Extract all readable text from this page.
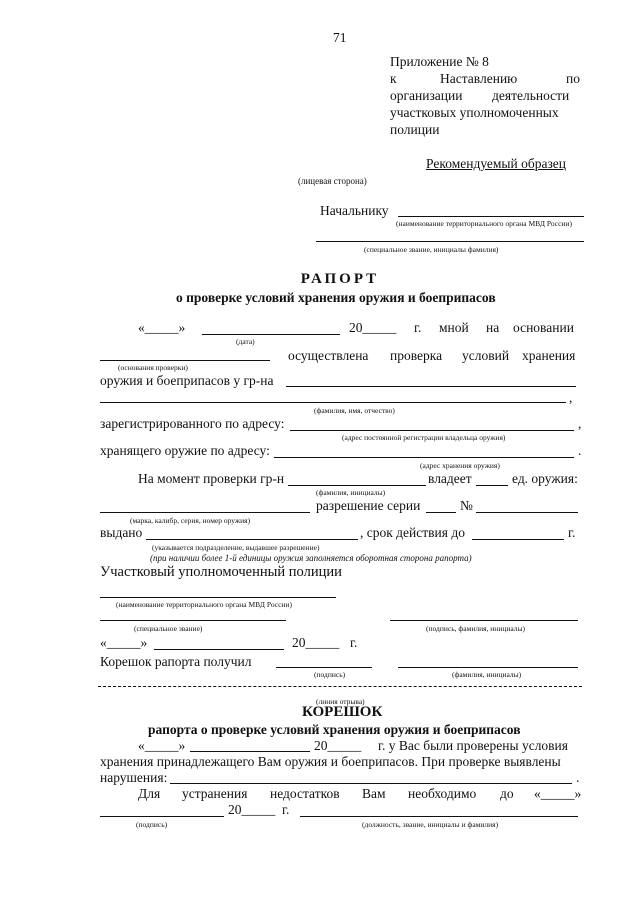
71
Приложение № 8
к	Наставлению	по
организации деятельности
участковых уполномоченных
полиции
Рекомендуемый образец
(лицевая сторона)
Начальнику
(наименование территориального органа МВД России)
(специальное звание, инициалы фамилия)
РАПОРТ
о проверке условий хранения оружия и боеприпасов
«_____»	20_____ г. мной на основании
(дата)
осуществлена проверка условий хранения
(основания проверки)
оружия и боеприпасов у гр-на
,
(фамилия, имя, отчество)
зарегистрированного по адресу:	,
(адрес постоянной регистрации владельца оружия)
хранящего оружие по адресу:	.
(адрес хранения оружия)
На момент проверки гр-н	владеет	ед. оружия:
(фамилия, инициалы)
разрешение серии	№
(марка, калибр, серия, номер оружия)
выдано	, срок действия до	г.
(указывается подразделение, выдавшее разрешение)
(при наличии более 1-й единицы оружия заполняется оборотная сторона рапорта)
Участковый уполномоченный полиции
(наименование территориального органа МВД России)
(специальное звание)	(подпись, фамилия, инициалы)
«_____»	20_____ г.
Корешок рапорта получил
(подпись)	(фамилия, инициалы)
(линия отрыва)
КОРЕШОК
рапорта о проверке условий хранения оружия и боеприпасов
«_____»	20_____ г. у Вас были проверены условия
хранения принадлежащего Вам оружия и боеприпасов. При проверке выявлены
нарушения:	.
Для устранения недостатков Вам необходимо до «_____»
20_____ г.
(подпись)	(должность, звание, инициалы и фамилия)
